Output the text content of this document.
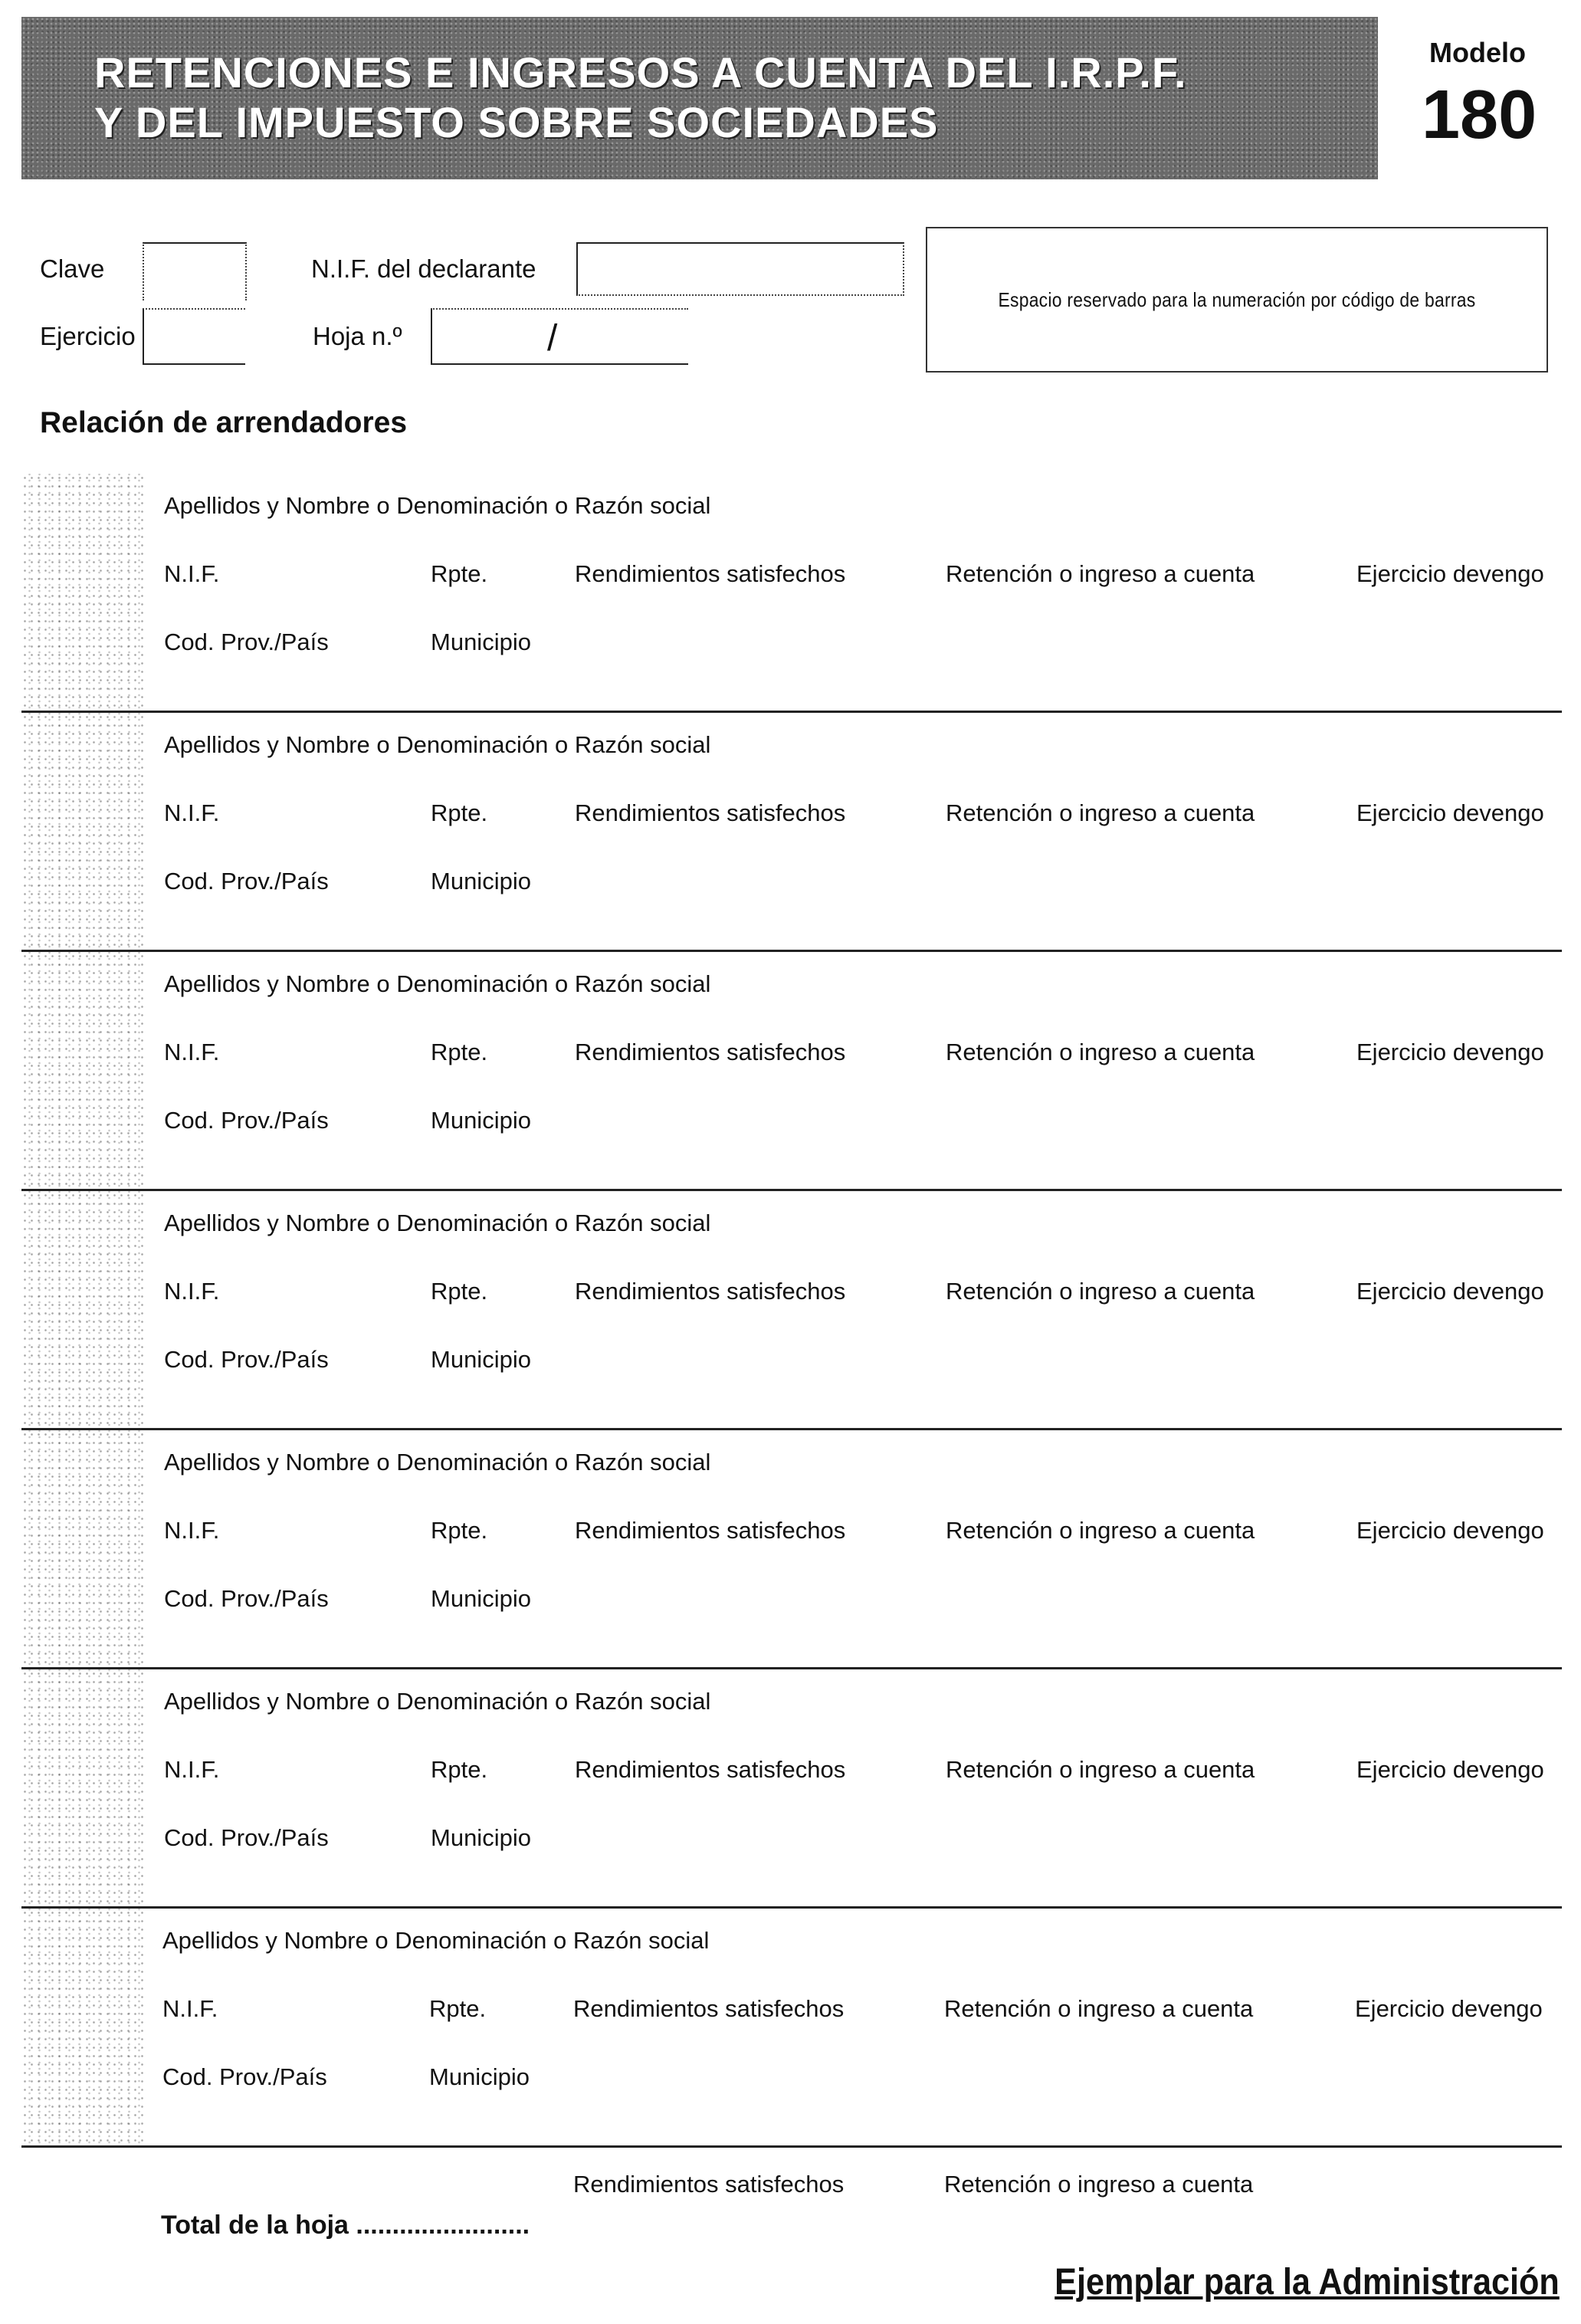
RETENCIONES E INGRESOS A CUENTA DEL I.R.P.F.

Y DEL IMPUESTO SOBRE SOCIEDADES

Modelo
180
Clave
Ejercicio
N.I.F. del declarante
Hoja n.º	/
Espacio reservado para la numeración por código de barras
Relación de arrendadores
Apellidos y Nombre o Denominación o Razón social
N.I.F.	Rpte.	Rendimientos satisfechos	Retención o ingreso a cuenta	Ejercicio devengo
Cod. Prov./País	Municipio
Apellidos y Nombre o Denominación o Razón social
N.I.F.	Rpte.	Rendimientos satisfechos	Retención o ingreso a cuenta	Ejercicio devengo
Cod. Prov./País	Municipio
Apellidos y Nombre o Denominación o Razón social
N.I.F.	Rpte.	Rendimientos satisfechos	Retención o ingreso a cuenta	Ejercicio devengo
Cod. Prov./País	Municipio
Apellidos y Nombre o Denominación o Razón social
N.I.F.	Rpte.	Rendimientos satisfechos	Retención o ingreso a cuenta	Ejercicio devengo
Cod. Prov./País	Municipio
Apellidos y Nombre o Denominación o Razón social
N.I.F.	Rpte.	Rendimientos satisfechos	Retención o ingreso a cuenta	Ejercicio devengo
Cod. Prov./País	Municipio
Apellidos y Nombre o Denominación o Razón social
N.I.F.	Rpte.	Rendimientos satisfechos	Retención o ingreso a cuenta	Ejercicio devengo
Cod. Prov./País	Municipio
Apellidos y Nombre o Denominación o Razón social
N.I.F.	Rpte.	Rendimientos satisfechos	Retención o ingreso a cuenta	Ejercicio devengo
Cod. Prov./País	Municipio
Rendimientos satisfechos	Retención o ingreso a cuenta
Total de la hoja ........................
Ejemplar para la Administración
